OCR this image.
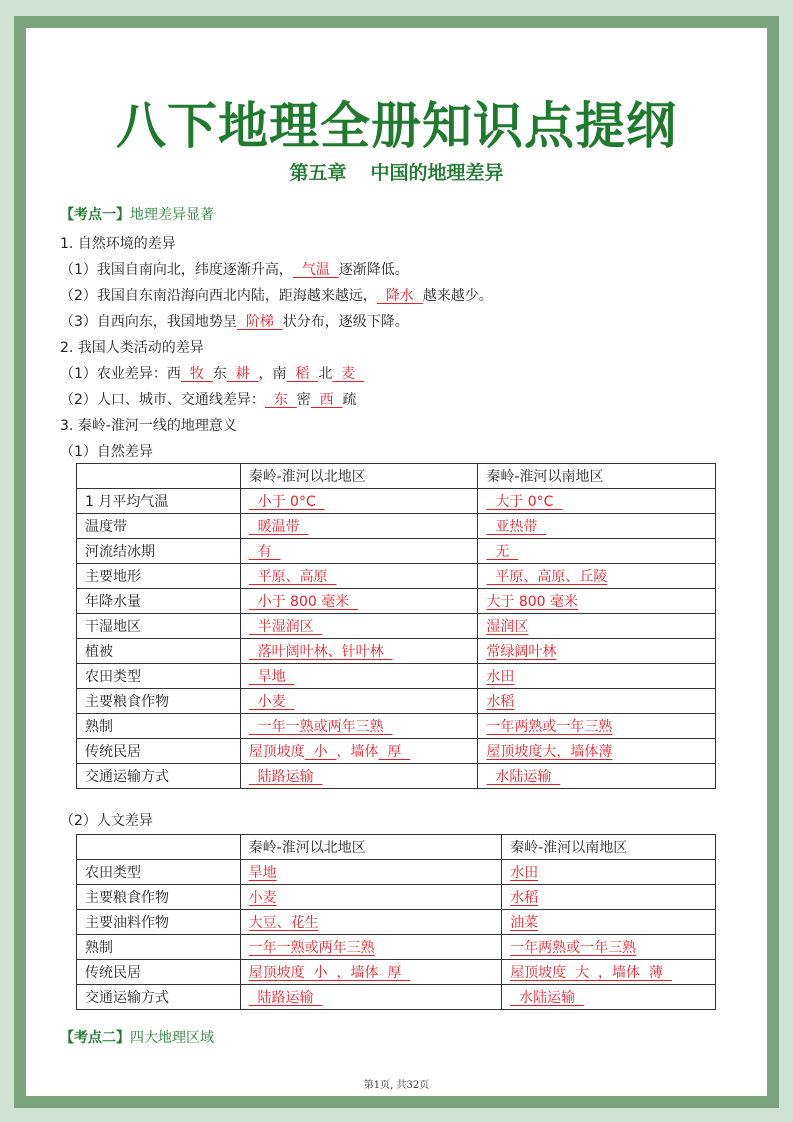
八下地理全册知识点提纲
第五章 中国的地理差异
【考点一】地理差异显著
1. 自然环境的差异
（1）我国自南向北，纬度逐渐升高，  气温  逐渐降低。
（2）我国自东南沿海向西北内陆，距海越来越远，  降水  越来越少。
（3）自西向东，我国地势呈  阶梯  状分布，逐级下降。
2. 我国人类活动的差异
（1）农业差异：西  牧  东  耕  ，南  稻  北  麦
（2）人口、城市、交通线差异：  东  密  西  疏
3. 秦岭-淮河一线的地理意义
（1）自然差异
	秦岭-淮河以北地区	秦岭-淮河以南地区
1 月平均气温	小于 0°C	大于 0°C
温度带	暖温带	亚热带
河流结冰期	有	无
主要地形	平原、高原	平原、高原、丘陵
年降水量	小于 800 毫米	大于 800 毫米
干湿地区	半湿润区	湿润区
植被	落叶阔叶林、针叶林	常绿阔叶林
农田类型	旱地	水田
主要粮食作物	小麦	水稻
熟制	一年一熟或两年三熟	一年两熟或一年三熟
传统民居	屋顶坡度  小  ，墙体  厚	屋顶坡度大，墙体薄
交通运输方式	陆路运输	水陆运输
（2）人文差异
	秦岭-淮河以北地区	秦岭-淮河以南地区
农田类型	旱地	水田
主要粮食作物	小麦	水稻
主要油料作物	大豆、花生	油菜
熟制	一年一熟或两年三熟	一年两熟或一年三熟
传统民居	屋顶坡度  小  ，墙体  厚	屋顶坡度  大  ，墙体  薄
交通运输方式	陆路运输	水陆运输
【考点二】四大地理区域
第1页, 共32页
